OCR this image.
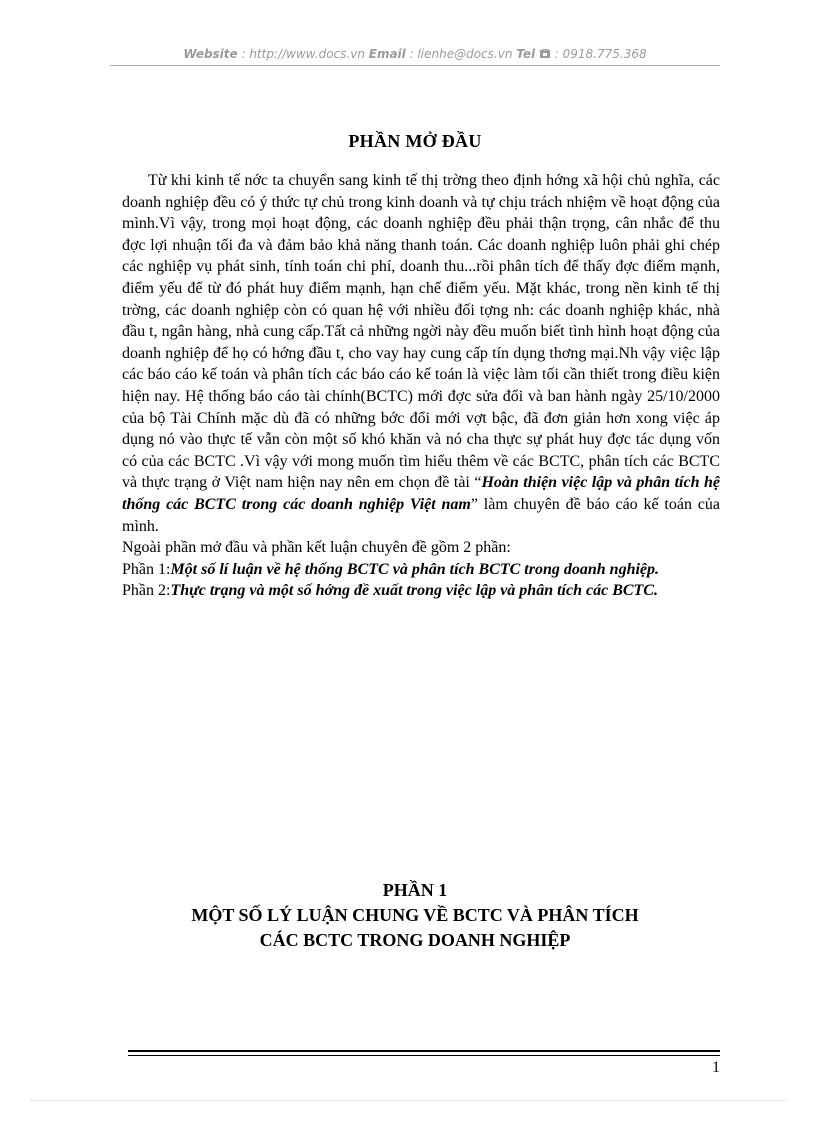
Website : http://www.docs.vn Email : lienhe@docs.vn Tel  : 0918.775.368
PHẦN MỞ ĐẦU

Từ khi kinh tế nớc ta chuyển sang kinh tế thị trờng theo định hớng xã hội chủ nghĩa, các doanh nghiệp đều có ý thức tự chủ trong kinh doanh và tự chịu trách nhiệm về hoạt động của mình.Vì vậy, trong mọi hoạt động, các doanh nghiệp đều phải thận trọng, cân nhắc để thu đợc lợi nhuận tối đa và đảm bảo khả năng thanh toán. Các doanh nghiệp luôn phải ghi chép các nghiệp vụ phát sinh, tính toán chi phí, doanh thu...rồi phân tích để thấy đợc điểm mạnh, điểm yếu để từ đó phát huy điểm mạnh, hạn chế điểm yếu. Mặt khác, trong nền kinh tế thị trờng, các doanh nghiệp còn có quan hệ với nhiều đối tợng nh: các doanh nghiệp khác, nhà đầu t, ngân hàng, nhà cung cấp.Tất cả những ngời này đều muốn biết tình hình hoạt động của doanh nghiệp để họ có hớng đầu t, cho vay hay cung cấp tín dụng thơng mại.Nh vậy việc lập các báo cáo kế toán và phân tích các báo cáo kế toán là việc làm tối cần thiết trong điều kiện hiện nay. Hệ thống báo cáo tài chính(BCTC) mới đợc sửa đổi và ban hành ngày 25/10/2000 của bộ Tài Chính mặc dù đã có những bớc đổi mới vợt bậc, đã đơn giản hơn xong việc áp dụng nó vào thực tế vẫn còn một số khó khăn và nó cha thực sự phát huy đợc tác dụng vốn có của các BCTC .Vì vậy với mong muốn tìm hiểu thêm về các BCTC, phân tích các BCTC và thực trạng ở Việt nam hiện nay nên em chọn đề tài “Hoàn thiện việc lập và phân tích hệ thống các BCTC trong các doanh nghiệp Việt nam” làm chuyên đề báo cáo kế toán của mình.

Ngoài phần mở đầu và phần kết luận chuyên đề gồm 2 phần:

Phần 1:Một số lí luận về hệ thống BCTC và phân tích BCTC trong doanh nghiệp.

Phần 2:Thực trạng và một số hớng đề xuất trong việc lập và phân tích các BCTC.

PHẦN 1
MỘT SỐ LÝ LUẬN CHUNG VỀ BCTC VÀ PHÂN TÍCH
CÁC BCTC TRONG DOANH NGHIỆP
1
